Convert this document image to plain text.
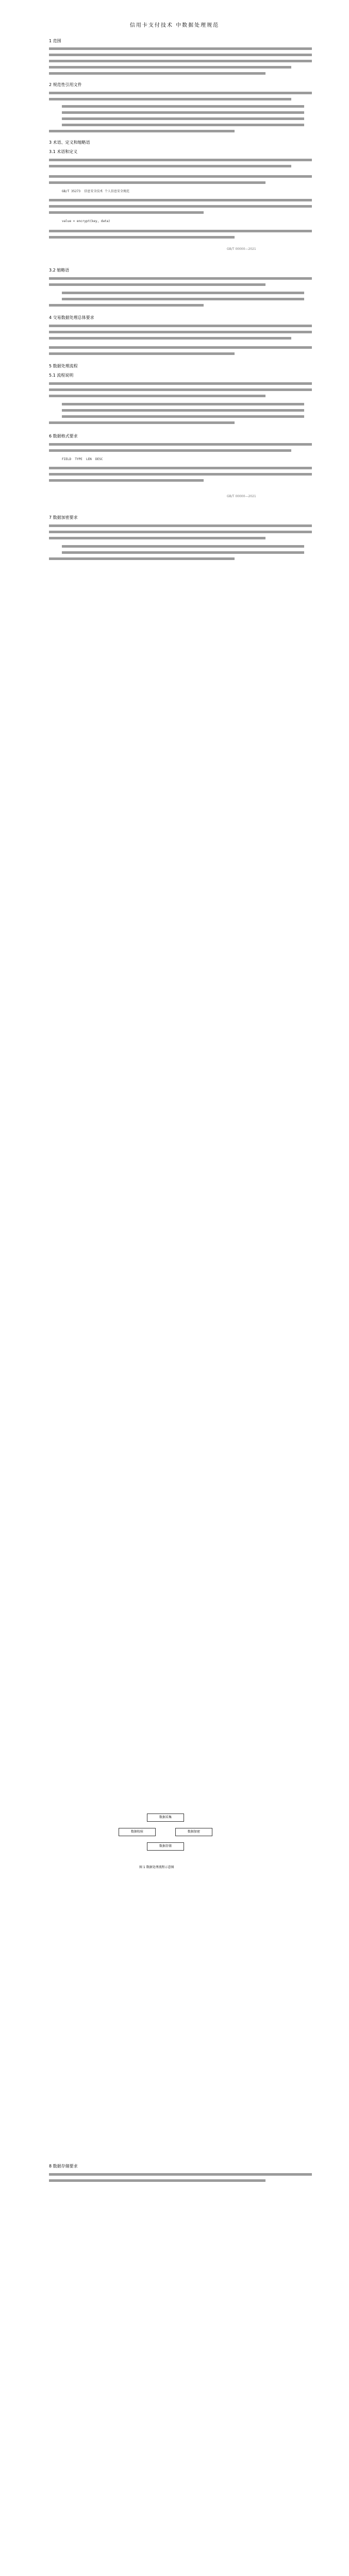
信用卡支付技术 中数据处理规范
1 范围
2 规范性引用文件
3 术语、定义和缩略语
3.1 术语和定义
GB/T 35273  信息安全技术 个人信息安全规范
value = encrypt(key, data)
GB/T 00000—2021
3.2 缩略语
4 交易数据处理总体要求
5 数据处理流程
5.1 流程说明
6 数据格式要求
FIELD  TYPE  LEN  DESC
GB/T 00000—2021
7 数据加密要求
数据采集
数据校验	数据加密
数据存储
图 1 数据处理流程示意图
8 数据存储要求
